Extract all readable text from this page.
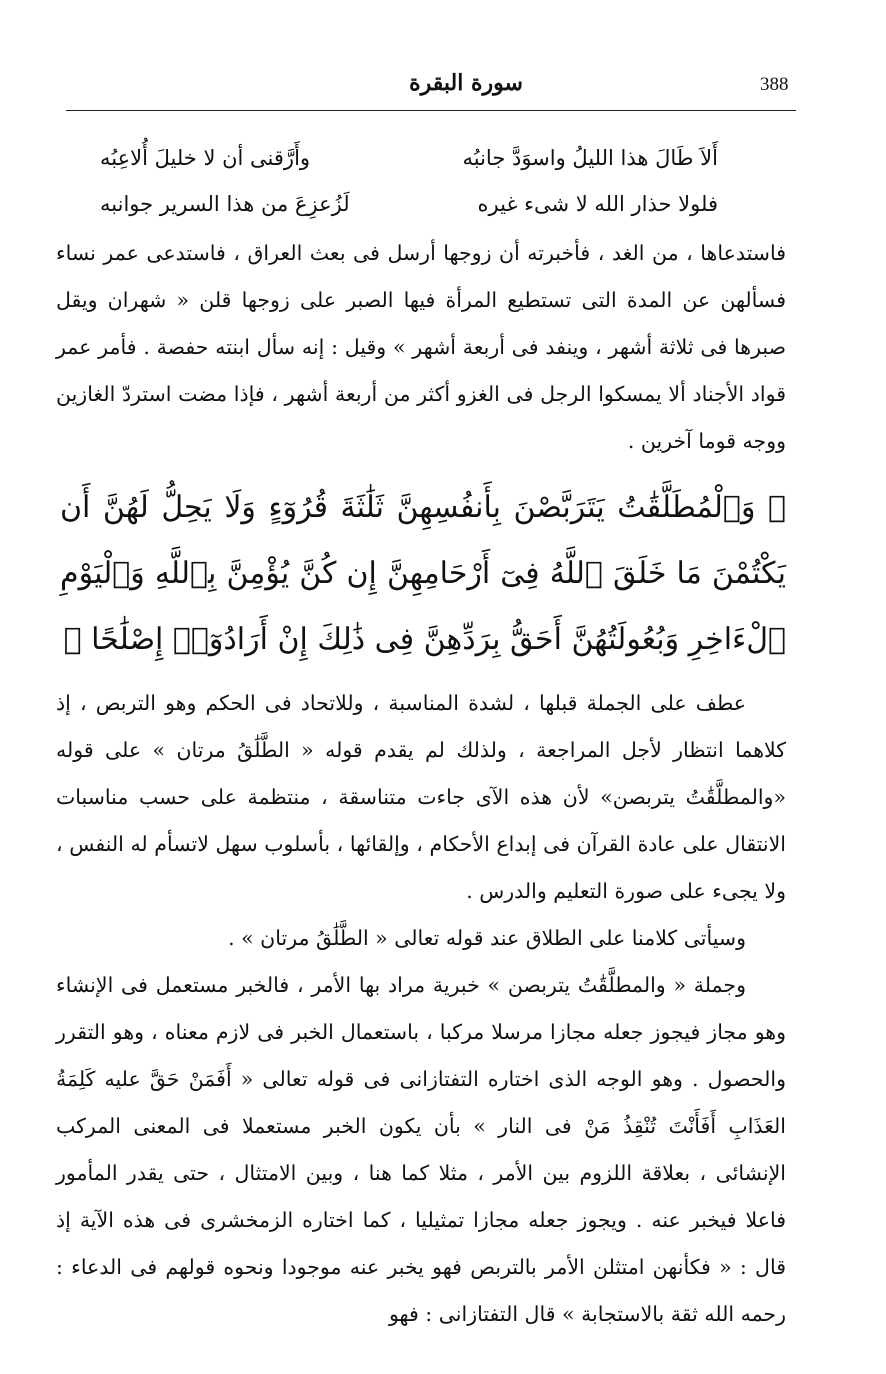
388
سورة البقرة
أَلاَ طَالَ هذا الليلُ واسوَدَّ جانبُه
وأَرَّقنى أن لا خليلَ أُلاعِبُه
فلولا حذار الله لا شىء غيره
لَزُعزِعَ من هذا السرير جوانبه

فاستدعاها ، من الغد ، فأخبرته أن زوجها أرسل فى بعث العراق ، فاستدعى عمر نساء فسألهن عن المدة التى تستطيع المرأة فيها الصبر على زوجها قلن « شهران ويقل صبرها فى ثلاثة أشهر ، وينفد فى أربعة أشهر » وقيل : إنه سأل ابنته حفصة . فأمر عمر قواد الأجناد ألا يمسكوا الرجل فى الغزو أكثر من أربعة أشهر ، فإذا مضت استردّ الغازين ووجه قوما آخرين .

﴿ وَٱلْمُطَلَّقَٰتُ يَتَرَبَّصْنَ بِأَنفُسِهِنَّ ثَلَٰثَةَ قُرُوٓءٍ وَلَا يَحِلُّ لَهُنَّ أَن يَكْتُمْنَ مَا خَلَقَ ٱللَّهُ فِىٓ أَرْحَامِهِنَّ إِن كُنَّ يُؤْمِنَّ بِٱللَّهِ وَٱلْيَوْمِ ٱلْءَاخِرِ وَبُعُولَتُهُنَّ أَحَقُّ بِرَدِّهِنَّ فِى ذَٰلِكَ إِنْ أَرَادُوٓا۟ إِصْلَٰحًا ﴾

عطف على الجملة قبلها ، لشدة المناسبة ، وللاتحاد فى الحكم وهو التربص ، إذ كلاهما انتظار لأجل المراجعة ، ولذلك لم يقدم قوله « الطَّلَٰقُ مرتان » على قوله «والمطلَّقَٰتُ يتربصن» لأن هذه الآى جاءت متناسقة ، منتظمة على حسب مناسبات الانتقال على عادة القرآن فى إبداع الأحكام ، وإلقائها ، بأسلوب سهل لاتسأم له النفس ، ولا يجىء على صورة التعليم والدرس .

وسيأتى كلامنا على الطلاق عند قوله تعالى « الطَّلَٰقُ مرتان » .

وجملة « والمطلَّقَٰتُ يتربصن » خبرية مراد بها الأمر ، فالخبر مستعمل فى الإنشاء وهو مجاز فيجوز جعله مجازا مرسلا مركبا ، باستعمال الخبر فى لازم معناه ، وهو التقرر والحصول . وهو الوجه الذى اختاره التفتازانى فى قوله تعالى « أَفَمَنْ حَقَّ عليه كَلِمَةُ العَذَابِ أَفَأَنْتَ تُنْقِذُ مَنْ فى النار » بأن يكون الخبر مستعملا فى المعنى المركب الإنشائى ، بعلاقة اللزوم بين الأمر ، مثلا كما هنا ، وبين الامتثال ، حتى يقدر المأمور فاعلا فيخبر عنه . ويجوز جعله مجازا تمثيليا ، كما اختاره الزمخشرى فى هذه الآية إذ قال : « فكأنهن امتثلن الأمر بالتربص فهو يخبر عنه موجودا ونحوه قولهم فى الدعاء : رحمه الله ثقة بالاستجابة » قال التفتازانى : فهو
